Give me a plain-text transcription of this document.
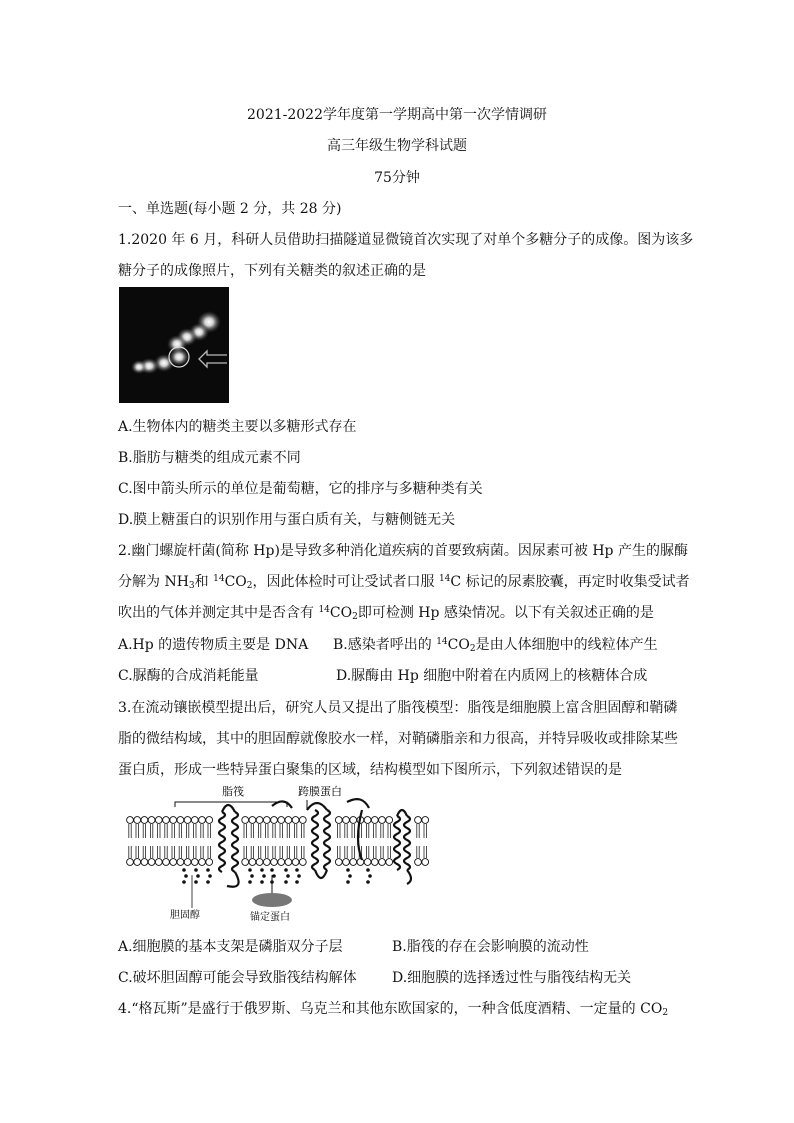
2021-2022学年度第一学期高中第一次学情调研
高三年级生物学科试题
75分钟
一、单选题(每小题 2 分，共 28 分)
1.2020 年 6 月，科研人员借助扫描隧道显微镜首次实现了对单个多糖分子的成像。图为该多
糖分子的成像照片，下列有关糖类的叙述正确的是
A.生物体内的糖类主要以多糖形式存在
B.脂肪与糖类的组成元素不同
C.图中箭头所示的单位是葡萄糖，它的排序与多糖种类有关
D.膜上糖蛋白的识别作用与蛋白质有关，与糖侧链无关
2.幽门螺旋杆菌(简称 Hp)是导致多种消化道疾病的首要致病菌。因尿素可被 Hp 产生的脲酶
分解为 $NH_3$和 $^{14}CO_2$，因此体检时可让受试者口服 $^{14}$C 标记的尿素胶囊，再定时收集受试者
吹出的气体并测定其中是否含有 $^{14}CO_2$即可检测 Hp 感染情况。以下有关叙述正确的是
A.Hp 的遗传物质主要是 DNA B.感染者呼出的 $^{14}CO_2$是由人体细胞中的线粒体产生
C.脲酶的合成消耗能量	D.脲酶由 Hp 细胞中附着在内质网上的核糖体合成
3.在流动镶嵌模型提出后，研究人员又提出了脂筏模型：脂筏是细胞膜上富含胆固醇和鞘磷
脂的微结构域，其中的胆固醇就像胶水一样，对鞘磷脂亲和力很高，并特异吸收或排除某些
蛋白质，形成一些特异蛋白聚集的区域，结构模型如下图所示，下列叙述错误的是
脂筏	跨膜蛋白
胆固醇	锚定蛋白
A.细胞膜的基本支架是磷脂双分子层	B.脂筏的存在会影响膜的流动性
C.破坏胆固醇可能会导致脂筏结构解体	D.细胞膜的选择透过性与脂筏结构无关
4.“格瓦斯”是盛行于俄罗斯、乌克兰和其他东欧国家的，一种含低度酒精、一定量的 $CO_2$
